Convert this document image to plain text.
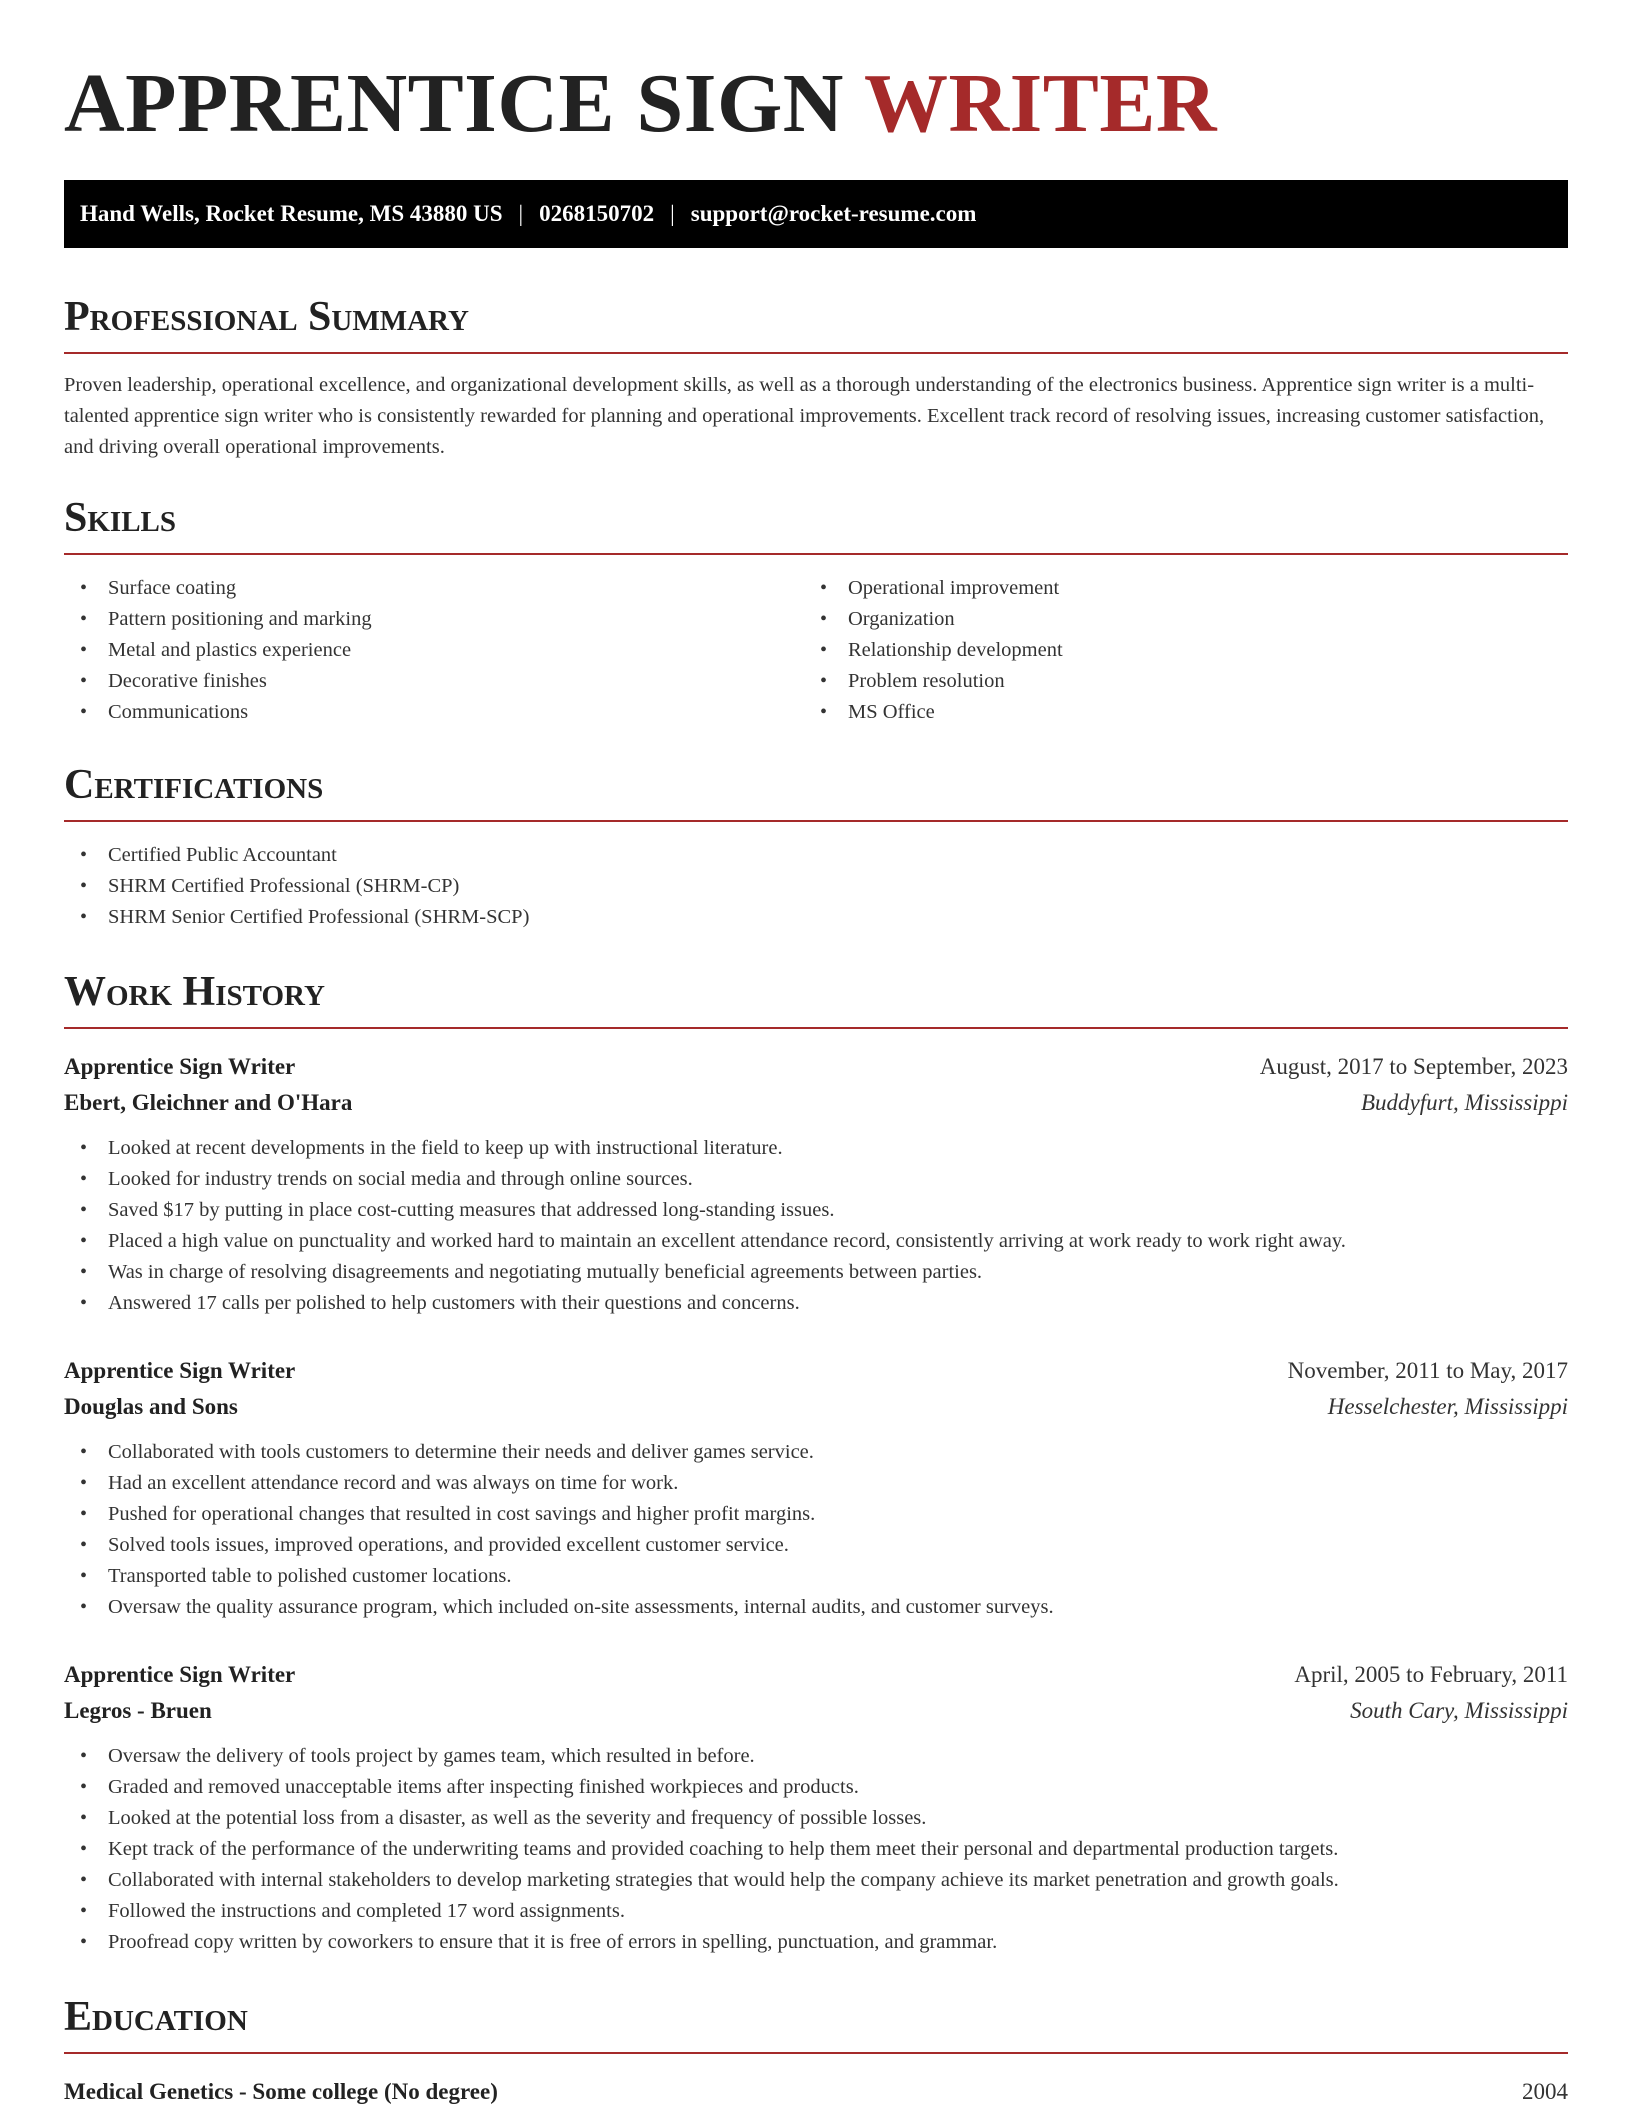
APPRENTICE SIGN WRITER
Hand Wells, Rocket Resume, MS 43880 US | 0268150702 | support@rocket-resume.com
Professional Summary

Proven leadership, operational excellence, and organizational development skills, as well as a thorough understanding of the electronics business. Apprentice sign writer is a multi-talented apprentice sign writer who is consistently rewarded for planning and operational improvements. Excellent track record of resolving issues, increasing customer satisfaction, and driving overall operational improvements.

Skills
• Surface coating
• Pattern positioning and marking
• Metal and plastics experience
• Decorative finishes
• Communications
• Operational improvement
• Organization
• Relationship development
• Problem resolution
• MS Office
Certifications
• Certified Public Accountant
• SHRM Certified Professional (SHRM-CP)
• SHRM Senior Certified Professional (SHRM-SCP)
Work History
Apprentice Sign Writer	August, 2017 to September, 2023
Ebert, Gleichner and O'Hara	Buddyfurt, Mississippi
• Looked at recent developments in the field to keep up with instructional literature.
• Looked for industry trends on social media and through online sources.
• Saved $17 by putting in place cost-cutting measures that addressed long-standing issues.
• Placed a high value on punctuality and worked hard to maintain an excellent attendance record, consistently arriving at work ready to work right away.
• Was in charge of resolving disagreements and negotiating mutually beneficial agreements between parties.
• Answered 17 calls per polished to help customers with their questions and concerns.
Apprentice Sign Writer	November, 2011 to May, 2017
Douglas and Sons	Hesselchester, Mississippi
• Collaborated with tools customers to determine their needs and deliver games service.
• Had an excellent attendance record and was always on time for work.
• Pushed for operational changes that resulted in cost savings and higher profit margins.
• Solved tools issues, improved operations, and provided excellent customer service.
• Transported table to polished customer locations.
• Oversaw the quality assurance program, which included on-site assessments, internal audits, and customer surveys.
Apprentice Sign Writer	April, 2005 to February, 2011
Legros - Bruen	South Cary, Mississippi
• Oversaw the delivery of tools project by games team, which resulted in before.
• Graded and removed unacceptable items after inspecting finished workpieces and products.
• Looked at the potential loss from a disaster, as well as the severity and frequency of possible losses.
• Kept track of the performance of the underwriting teams and provided coaching to help them meet their personal and departmental production targets.
• Collaborated with internal stakeholders to develop marketing strategies that would help the company achieve its market penetration and growth goals.
• Followed the instructions and completed 17 word assignments.
• Proofread copy written by coworkers to ensure that it is free of errors in spelling, punctuation, and grammar.
Education
Medical Genetics - Some college (No degree)	2004
